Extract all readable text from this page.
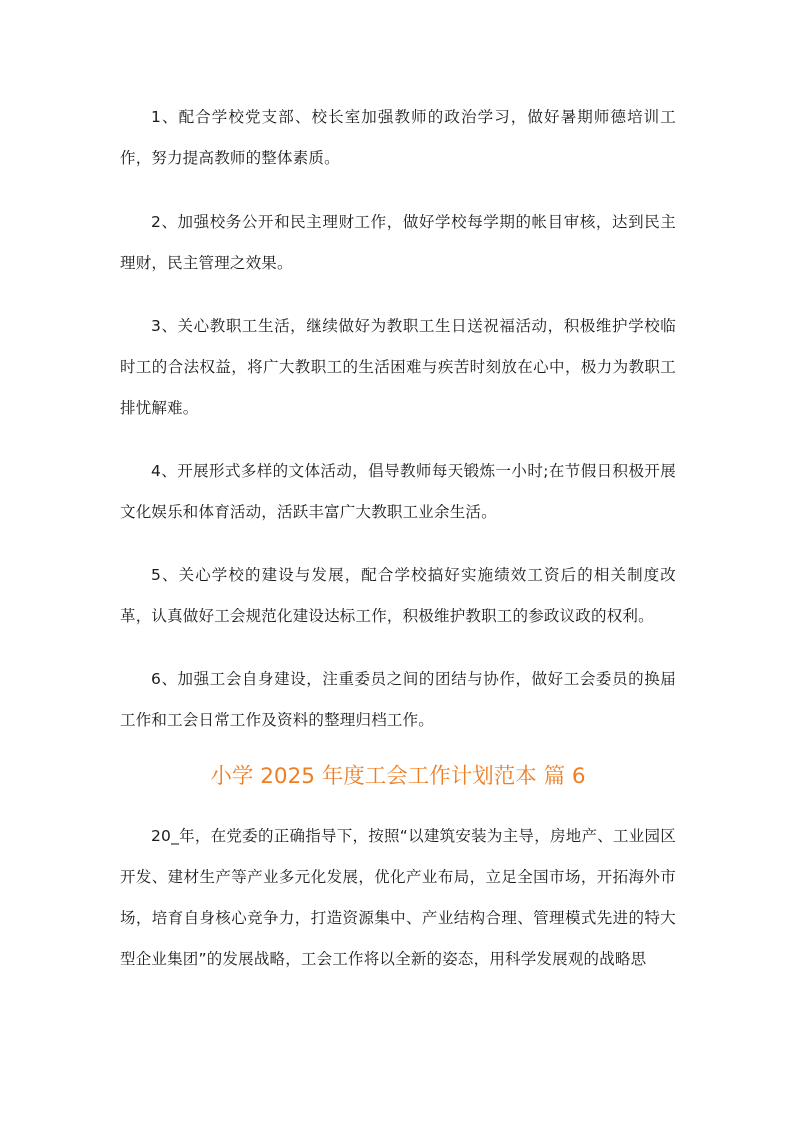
1、配合学校党支部、校长室加强教师的政治学习，做好暑期师德培训工作，努力提高教师的整体素质。

2、加强校务公开和民主理财工作，做好学校每学期的帐目审核，达到民主理财，民主管理之效果。

3、关心教职工生活，继续做好为教职工生日送祝福活动，积极维护学校临时工的合法权益，将广大教职工的生活困难与疾苦时刻放在心中，极力为教职工排忧解难。

4、开展形式多样的文体活动，倡导教师每天锻炼一小时;在节假日积极开展文化娱乐和体育活动，活跃丰富广大教职工业余生活。

5、关心学校的建设与发展，配合学校搞好实施绩效工资后的相关制度改革，认真做好工会规范化建设达标工作，积极维护教职工的参政议政的权利。

6、加强工会自身建设，注重委员之间的团结与协作，做好工会委员的换届工作和工会日常工作及资料的整理归档工作。

小学 2025 年度工会工作计划范本 篇 6

20_年，在党委的正确指导下，按照“以建筑安装为主导，房地产、工业园区开发、建材生产等产业多元化发展，优化产业布局，立足全国市场，开拓海外市场，培育自身核心竞争力，打造资源集中、产业结构合理、管理模式先进的特大型企业集团”的发展战略，工会工作将以全新的姿态，用科学发展观的战略思
